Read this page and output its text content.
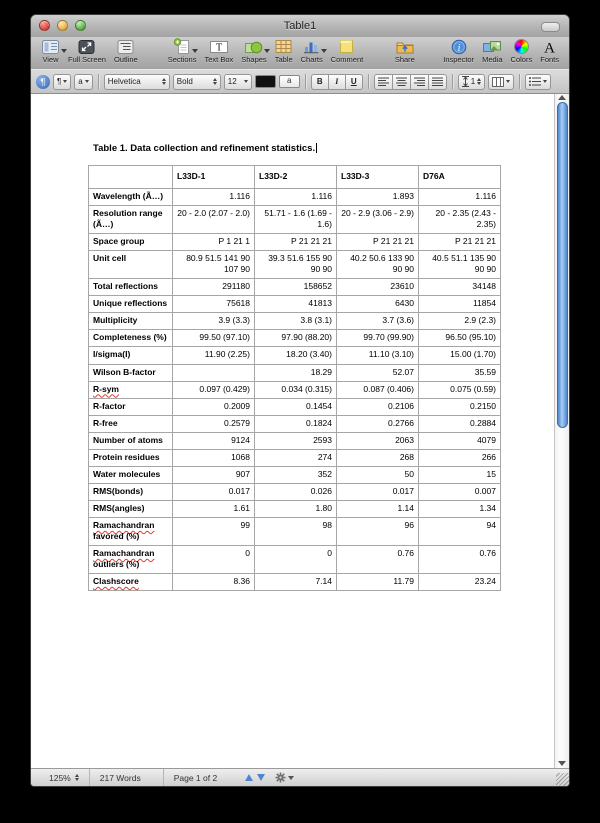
Table1
View Full Screen Outline	Sections
T
Text Box Shapes Table Charts Comment	Share
i
Inspector Media Colors
A
Fonts
¶	¶ a	Helvetica	Bold	12	a	B	I	U	1
Table 1. Data collection and refinement statistics.
	L33D-1	L33D-2	L33D-3	D76A
Wavelength (Ã…)	1.116	1.116	1.893	1.116
Resolution range (Ã…)	20 - 2.0 (2.07 - 2.0)	51.71 - 1.6 (1.69 - 1.6)	20 - 2.9 (3.06 - 2.9)	20 - 2.35 (2.43 - 2.35)
Space group	P 1 21 1	P 21 21 21	P 21 21 21	P 21 21 21
Unit cell	80.9 51.5 141 90 107 90	39.3 51.6 155 90 90 90	40.2 50.6 133 90 90 90	40.5 51.1 135 90 90 90
Total reflections	291180	158652	23610	34148
Unique reflections	75618	41813	6430	11854
Multiplicity	3.9 (3.3)	3.8 (3.1)	3.7 (3.6)	2.9 (2.3)
Completeness (%)	99.50 (97.10)	97.90 (88.20)	99.70 (99.90)	96.50 (95.10)
I/sigma(I)	11.90 (2.25)	18.20 (3.40)	11.10 (3.10)	15.00 (1.70)
Wilson B-factor		18.29	52.07	35.59
R-sym	0.097 (0.429)	0.034 (0.315)	0.087 (0.406)	0.075 (0.59)
R-factor	0.2009	0.1454	0.2106	0.2150
R-free	0.2579	0.1824	0.2766	0.2884
Number of atoms	9124	2593	2063	4079
Protein residues	1068	274	268	266
Water molecules	907	352	50	15
RMS(bonds)	0.017	0.026	0.017	0.007
RMS(angles)	1.61	1.80	1.14	1.34
Ramachandran favored (%)	99	98	96	94
Ramachandran outliers (%)	0	0	0.76	0.76
Clashscore	8.36	7.14	11.79	23.24
125%	217 Words	Page 1 of 2
